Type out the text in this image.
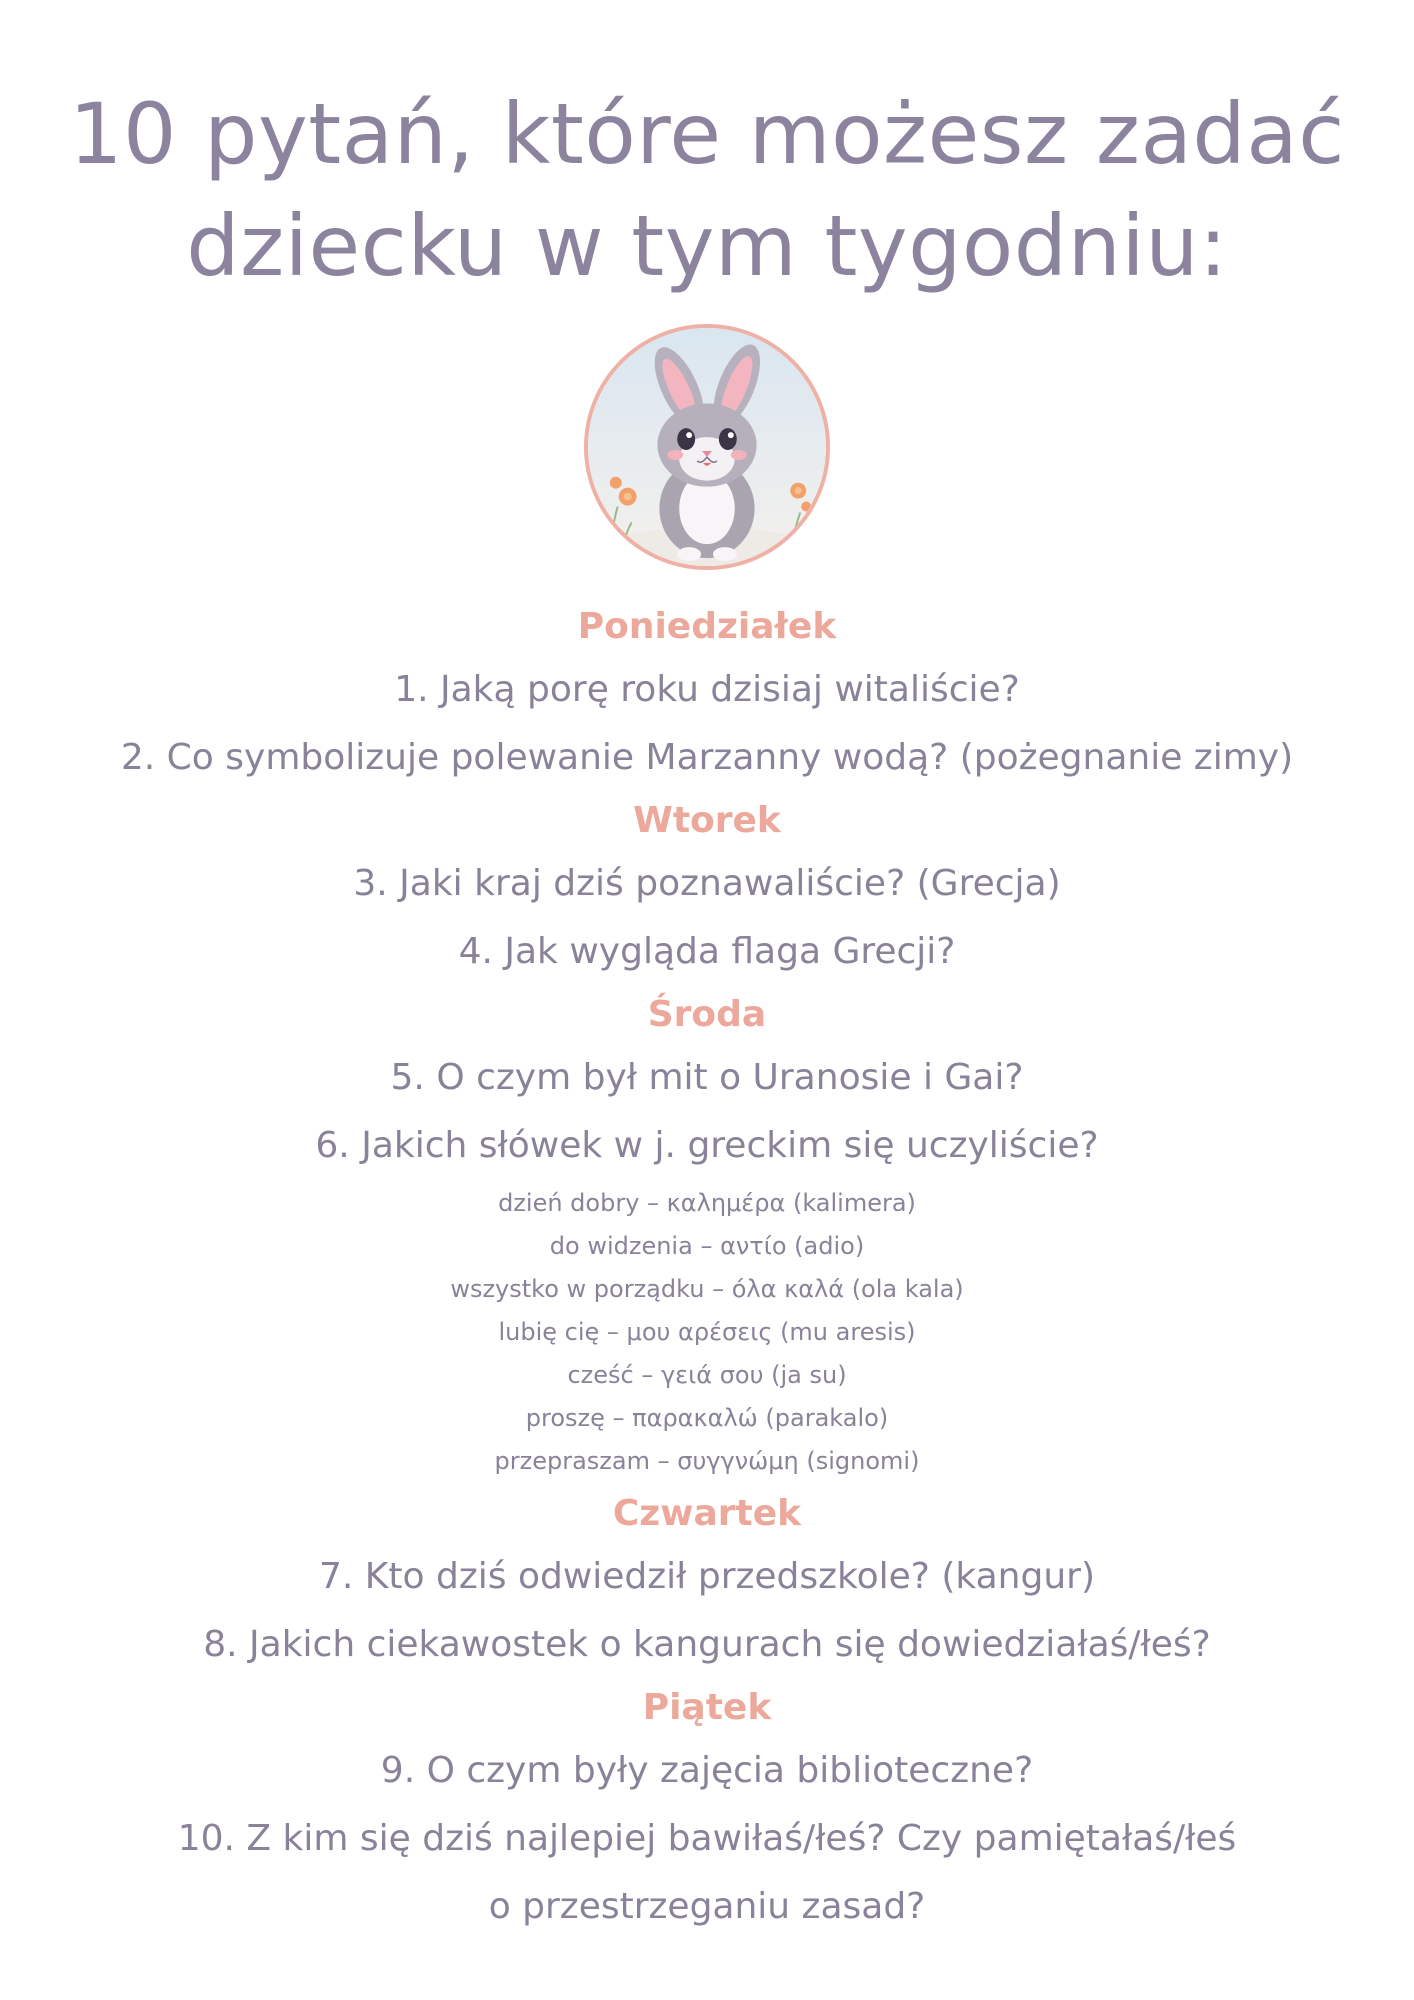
10 pytań, które możesz zadać
dziecku w tym tygodniu:
Poniedziałek

1. Jaką porę roku dzisiaj witaliście?

2. Co symbolizuje polewanie Marzanny wodą? (pożegnanie zimy)

Wtorek

3. Jaki kraj dziś poznawaliście? (Grecja)

4. Jak wygląda flaga Grecji?

Środa

5. O czym był mit o Uranosie i Gai?

6. Jakich słówek w j. greckim się uczyliście?

dzień dobry – καλημέρα (kalimera)
do widzenia – αντίο (adio)
wszystko w porządku – όλα καλά (ola kala)
lubię cię – μου αρέσεις (mu aresis)
cześć – γειά σου (ja su)
proszę – παρακαλώ (parakalo)
przepraszam – συγγνώμη (signomi)
Czwartek

7. Kto dziś odwiedził przedszkole? (kangur)

8. Jakich ciekawostek o kangurach się dowiedziałaś/łeś?

Piątek

9. O czym były zajęcia biblioteczne?

10. Z kim się dziś najlepiej bawiłaś/łeś? Czy pamiętałaś/łeś

o przestrzeganiu zasad?
